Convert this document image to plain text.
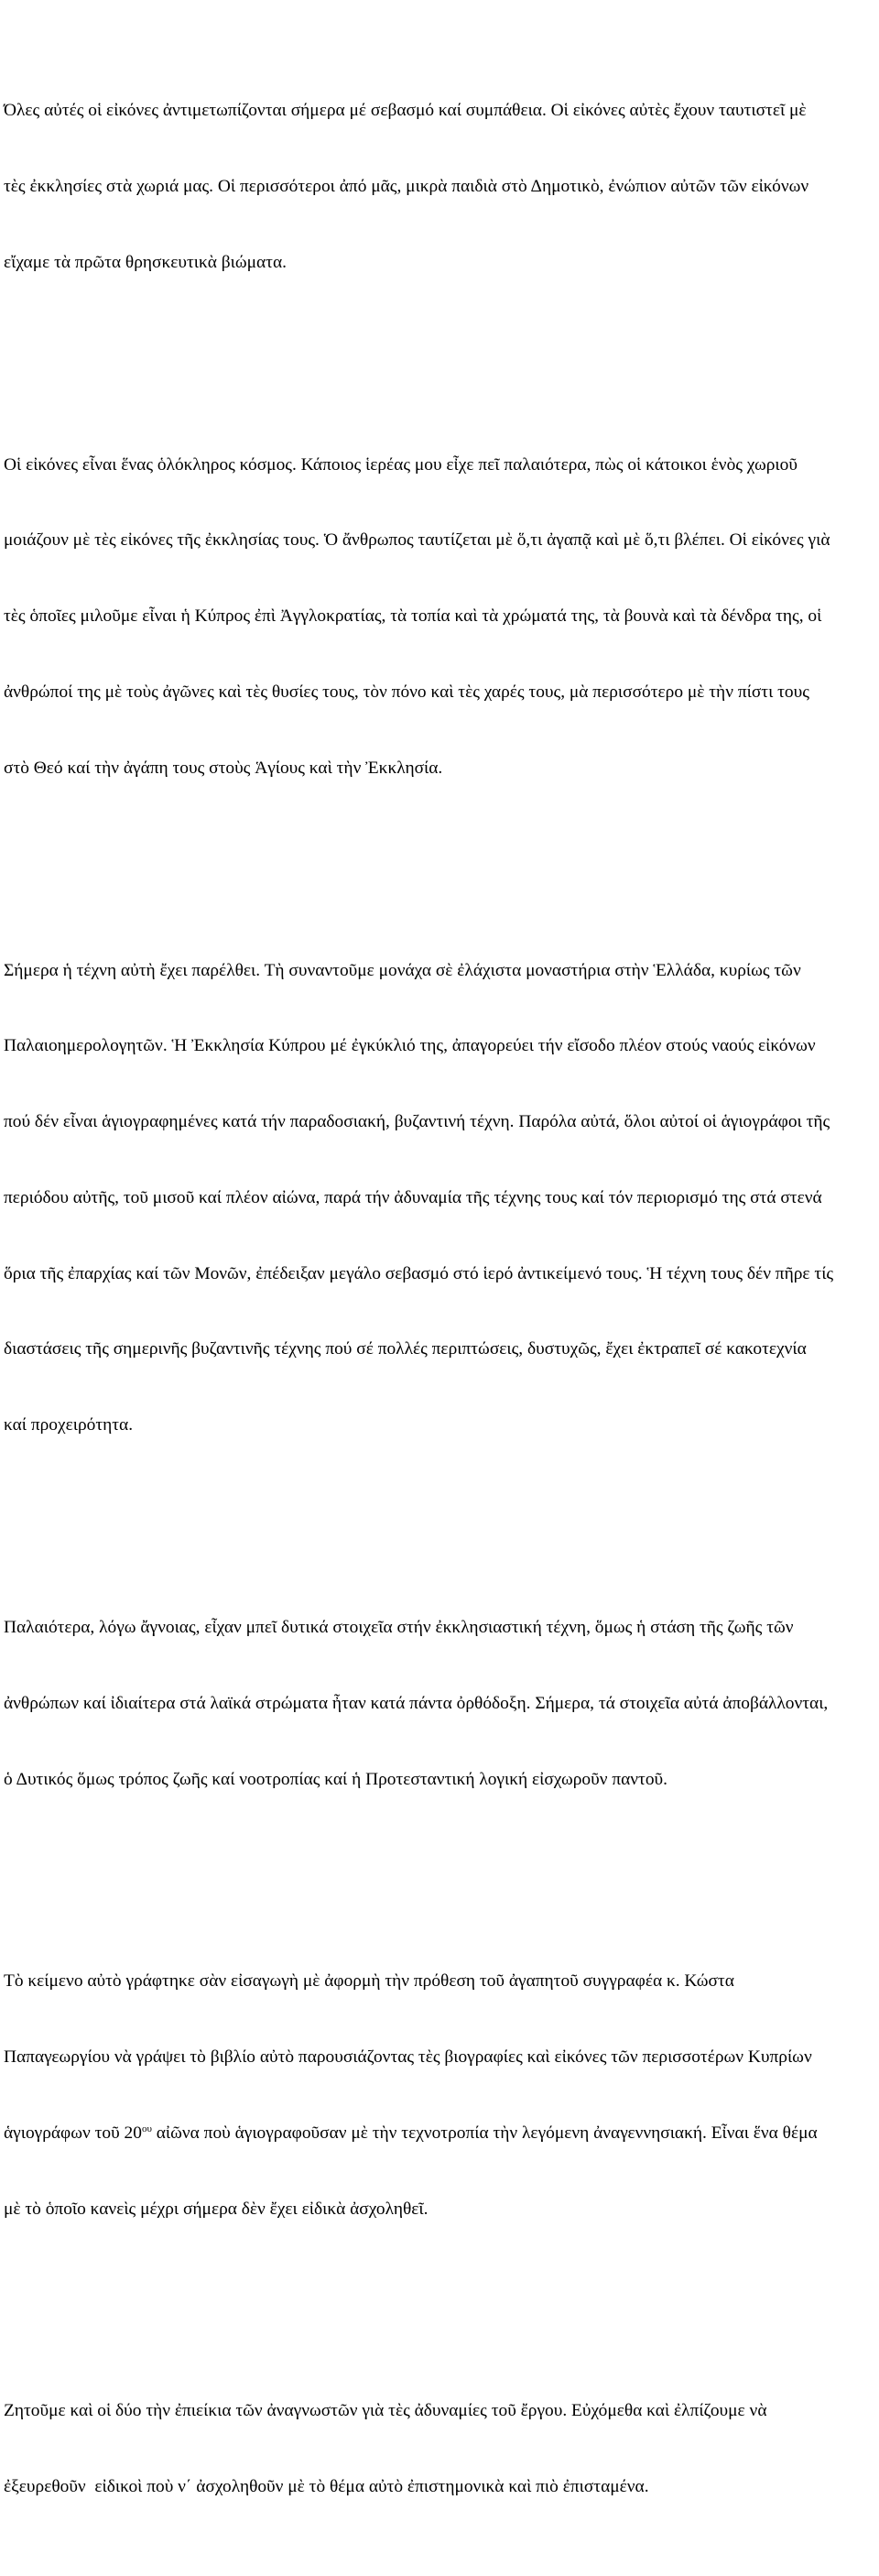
Όλες αὐτές οἱ εἰκόνες ἀντιμετωπίζονται σήμερα μέ σεβασμό καί συμπάθεια. Οἱ εἰκόνες αὐτὲς ἔχουν ταυτιστεῖ μὲ

τὲς ἐκκλησίες στὰ χωριά μας. Οἱ περισσότεροι ἀπό μᾶς, μικρὰ παιδιὰ στὸ Δημοτικὸ, ἐνώπιον αὐτῶν τῶν εἰκόνων

εἴχαμε τὰ πρῶτα θρησκευτικὰ βιώματα.

Οἱ εἰκόνες εἶναι ἕνας ὁλόκληρος κόσμος. Κάποιος ἱερέας μου εἶχε πεῖ παλαιότερα, πὼς οἱ κάτοικοι ἑνὸς χωριοῦ

μοιάζουν μὲ τὲς εἰκόνες τῆς ἐκκλησίας τους. Ὁ ἄνθρωπος ταυτίζεται μὲ ὅ,τι ἀγαπᾷ καὶ μὲ ὅ,τι βλέπει. Οἱ εἰκόνες γιὰ

τὲς ὁποῖες μιλοῦμε εἶναι ἡ Κύπρος ἐπὶ Ἀγγλοκρατίας, τὰ τοπία καὶ τὰ χρώματά της, τὰ βουνὰ καὶ τὰ δένδρα της, οἱ

ἀνθρώποί της μὲ τοὺς ἀγῶνες καὶ τὲς θυσίες τους, τὸν πόνο καὶ τὲς χαρές τους, μὰ περισσότερο μὲ τὴν πίστι τους

στὸ Θεό καί τὴν ἀγάπη τους στοὺς Ἁγίους καὶ τὴν Ἐκκλησία.

Σήμερα ἡ τέχνη αὐτὴ ἔχει παρέλθει. Τὴ συναντοῦμε μονάχα σὲ ἐλάχιστα μοναστήρια στὴν Ἑλλάδα, κυρίως τῶν

Παλαιοημερολογητῶν. Ἡ Ἐκκλησία Κύπρου μέ ἐγκύκλιό της, ἀπαγορεύει τήν εἴσοδο πλέον στούς ναούς εἰκόνων

πού δέν εἶναι ἁγιογραφημένες κατά τήν παραδοσιακή, βυζαντινή τέχνη. Παρόλα αὐτά, ὅλοι αὐτοί οἱ ἁγιογράφοι τῆς

περιόδου αὐτῆς, τοῦ μισοῦ καί πλέον αἰώνα, παρά τήν ἀδυναμία τῆς τέχνης τους καί τόν περιορισμό της στά στενά

ὅρια τῆς ἐπαρχίας καί τῶν Μονῶν, ἐπέδειξαν μεγάλο σεβασμό στό ἱερό ἀντικείμενό τους. Ἡ τέχνη τους δέν πῆρε τίς

διαστάσεις τῆς σημερινῆς βυζαντινῆς τέχνης πού σέ πολλές περιπτώσεις, δυστυχῶς, ἔχει ἐκτραπεῖ σέ κακοτεχνία

καί προχειρότητα.

Παλαιότερα, λόγω ἄγνοιας, εἶχαν μπεῖ δυτικά στοιχεῖα στήν ἐκκλησιαστική τέχνη, ὅμως ἡ στάση τῆς ζωῆς τῶν

ἀνθρώπων καί ἰδιαίτερα στά λαϊκά στρώματα ἦταν κατά πάντα ὀρθόδοξη. Σήμερα, τά στοιχεῖα αὐτά ἀποβάλλονται,

ὁ Δυτικός ὅμως τρόπος ζωῆς καί νοοτροπίας καί ἡ Προτεσταντική λογική εἰσχωροῦν παντοῦ.

Τὸ κείμενο αὐτὸ γράφτηκε σὰν εἰσαγωγὴ μὲ ἀφορμὴ τὴν πρόθεση τοῦ ἀγαπητοῦ συγγραφέα κ. Κώστα

Παπαγεωργίου νὰ γράψει τὸ βιβλίο αὐτὸ παρουσιάζοντας τὲς βιογραφίες καὶ εἰκόνες τῶν περισσοτέρων Κυπρίων

ἁγιογράφων τοῦ $20^{o\upsilon}$ αἰῶνα ποὺ ἁγιογραφοῦσαν μὲ τὴν τεχνοτροπία τὴν λεγόμενη ἀναγεννησιακή. Εἶναι ἕνα θέμα

μὲ τὸ ὁποῖο κανεὶς μέχρι σήμερα δὲν ἔχει εἰδικὰ ἀσχοληθεῖ.

Ζητοῦμε καὶ οἱ δύο τὴν ἐπιείκια τῶν ἀναγνωστῶν γιὰ τὲς ἀδυναμίες τοῦ ἔργου. Εὐχόμεθα καὶ ἐλπίζουμε νὰ

ἐξευρεθοῦν  εἰδικοὶ ποὺ ν΄ ἀσχοληθοῦν μὲ τὸ θέμα αὐτὸ ἐπιστημονικὰ καὶ πιὸ ἐπισταμένα.
